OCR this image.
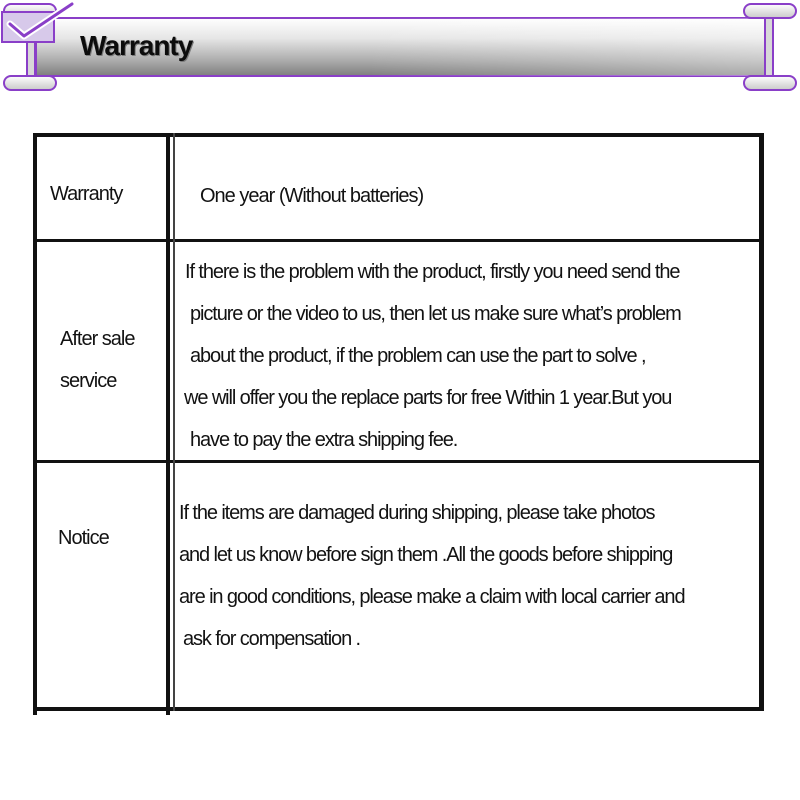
Warranty
Warranty	One year (Without batteries)
After sale
service
If there is the problem with the product, firstly you need send the
picture or the video to us, then let us make sure what’s problem
about the product, if the problem can use the part to solve ,
we will offer you the replace parts for free Within 1 year.But you
have to pay the extra shipping fee.
Notice
If the items are damaged during shipping, please take photos
and let us know before sign them .All the goods before shipping
are in good conditions, please make a claim with local carrier and
ask for compensation .
